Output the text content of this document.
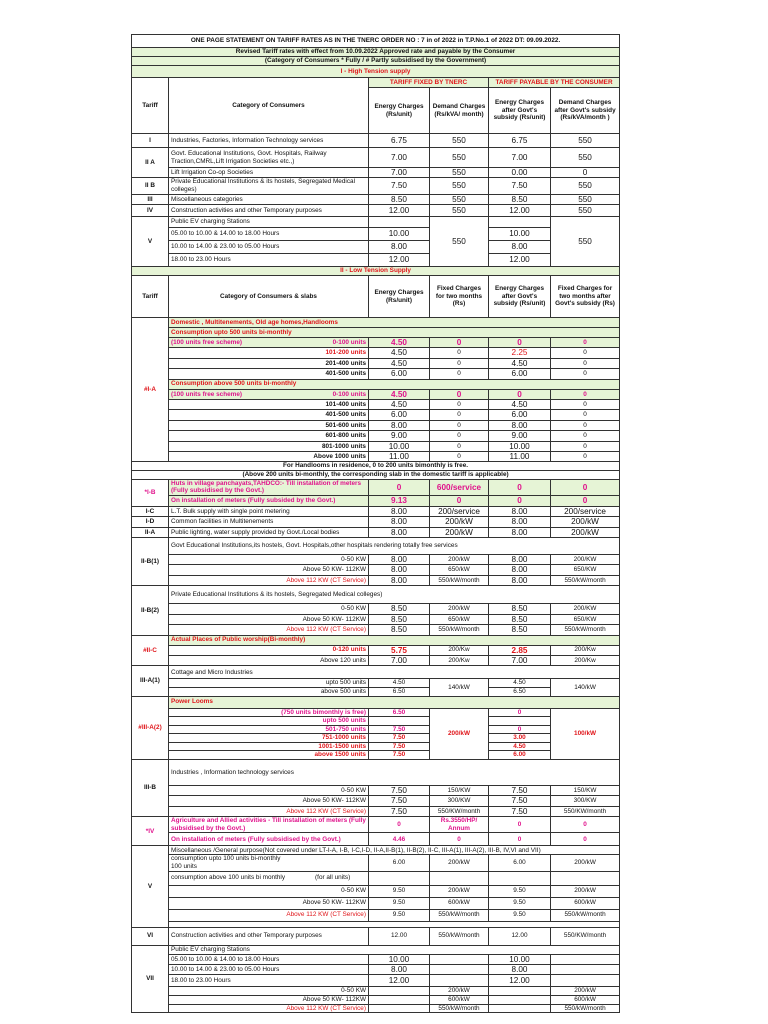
ONE PAGE STATEMENT ON TARIFF RATES AS IN THE TNERC ORDER NO : 7 in of 2022 in T.P.No.1 of 2022 DT: 09.09.2022.					
Revised Tariff rates with effect from 10.09.2022 Approved rate and payable by the Consumer					
(Category of Consumers * Fully / # Partly subsidised by the Government)					
I - High Tension supply					
Tariff	Category of Consumers	TARIFF FIXED BY TNERC		TARIFF PAYABLE BY THE CONSUMER	
		Energy Charges (Rs/unit)	Demand Charges (Rs/kVA/ month)	Energy Charges after Govt's subsidy (Rs/unit)	Demand Charges after Govt's subsidy (Rs/kVA/month )
I	Industries, Factories, Information Technology services	6.75	550	6.75	550
II A	Govt. Educational Institutions, Govt. Hospitals, Railway Traction,CMRL,Lift Irrigation Societies etc.,)	7.00	550	7.00	550
	Lift Irrigation Co-op Societies	7.00	550	0.00	0
II B	Private Educational Institutions & its hostels, Segregated Medical colleges)	7.50	550	7.50	550
III	Miscellaneous categories	8.50	550	8.50	550
IV	Construction activities and other Temporary purposes	12.00	550	12.00	550
V	Public EV charging Stations		550		550
	05.00 to 10.00 & 14.00 to 18.00 Hours	10.00		10.00	
	10.00 to 14.00 & 23.00 to 05.00 Hours	8.00		8.00	
	18.00 to 23.00 Hours	12.00		12.00	
II - Low Tension Supply					
Tariff	Category of Consumers & slabs	Energy Charges (Rs/unit)	Fixed Charges for two months (Rs)	Energy Charges after Govt's subsidy (Rs/unit)	Fixed Charges for two months after Govt's subsidy (Rs)
#I-A	Domestic , Multitenements, Old age homes,Handlooms				
	Consumption upto 500 units bi-monthly				
	(100 units free scheme) 0-100 units	4.50	0	0	0
	101-200 units	4.50	0	2.25	0
	201-400 units	4.50	0	4.50	0
	401-500 units	6.00	0	6.00	0
	Consumption above 500 units bi-monthly				
	(100 units free scheme) 0-100 units	4.50	0	0	0
	101-400 units	4.50	0	4.50	0
	401-500 units	6.00	0	6.00	0
	501-600 units	8.00	0	8.00	0
	601-800 units	9.00	0	9.00	0
	801-1000 units	10.00	0	10.00	0
	Above 1000 units	11.00	0	11.00	0
For Handlooms in residence, 0 to 200 units bimonthly is free.					
(Above 200 units bi-monthly, the corresponding slab in the domestic tariff is applicable)					
*I-B	Huts in village panchayats,TAHDCO:- Till installation of meters (Fully subsidised by the Govt.)	0	600/service	0	0
	On installation of meters (Fully subsided by the Govt.)	9.13	0	0	0
I-C	L.T. Bulk supply with single point metering	8.00	200/service	8.00	200/service
I-D	Common facilities in Multitenements	8.00	200/kW	8.00	200/kW
II-A	Public lighting, water supply provided by Govt./Local bodies	8.00	200/kW	8.00	200/kW
II-B(1)	Govt Educational Institutions,its hostels, Govt. Hospitals,other hospitals rendering totally free services				
	0-50 KW	8.00	200/kW	8.00	200/KW
	Above 50 KW- 112KW	8.00	650/kW	8.00	650/KW
	Above 112 KW (CT Service)	8.00	550/kW/month	8.00	550/kW/month
II-B(2)	Private Educational Institutions & its hostels, Segregated Medical colleges)				
	0-50 KW	8.50	200/kW	8.50	200/KW
	Above 50 KW- 112KW	8.50	650/kW	8.50	650/KW
	Above 112 KW (CT Service)	8.50	550/kW/month	8.50	550/kW/month
#II-C	Actual Places of Public worship(Bi-monthly)				
	0-120 units	5.75	200/Kw	2.85	200/Kw
	Above 120 units	7.00	200/Kw	7.00	200/Kw
III-A(1)	Cottage and Micro Industries				
	upto 500 units	4.50	140/kW	4.50	140/kW
	above 500 units	6.50		6.50	
#III-A(2)	Power Looms				
	(750 units bimonthly is free)	6.50	200/kW	0	100/kW
	upto 500 units				
	501-750 units	7.50		0	
	751-1000 units	7.50		3.00	
	1001-1500 units	7.50		4.50	
	above 1500 units	7.50		6.00	
III-B	Industries , Information technology services				
	0-50 KW	7.50	150/KW	7.50	150/KW
	Above 50 KW- 112KW	7.50	300/KW	7.50	300/KW
	Above 112 KW (CT Service)	7.50	550/KW/month	7.50	550/KW/month
*IV	Agriculture and Allied activities - Till installation of meters (Fully subsidised by the Govt.)	0	Rs.3550/HP/ Annum	0	0
	On installation of meters (Fully subsidised by the Govt.)	4.46	0	0	0
V	Miscellaneous /General purpose(Not covered under LT-I-A, I-B, I-C,I-D, II-A,II-B(1), II-B(2), II-C, III-A(1), III-A(2), III-B, IV,VI and VII)				

	consumption upto 100 units bi-monthly
100 units	6.00	200/kW	6.00	200/kW
	consumption above 100 units bi monthly (for all units)				
	0-50 KW	9.50	200/kW	9.50	200/kW
	Above 50 KW- 112KW	9.50	600/kW	9.50	600/kW
	Above 112 KW (CT Service)	9.50	550/kW/month	9.50	550/kW/month

VI	Construction activities and other Temporary purposes	12.00	550/kW/month	12.00	550/KW/month
VII	Public EV charging Stations				
	05.00 to 10.00 & 14.00 to 18.00 Hours	10.00		10.00	
	10.00 to 14.00 & 23.00 to 05.00 Hours	8.00		8.00	
	18.00 to 23.00 Hours	12.00		12.00	
	0-50 KW		200/kW		200/kW
	Above 50 KW- 112KW		600/kW		600/kW
	Above 112 KW (CT Service)		550/kW/month		550/kW/month
